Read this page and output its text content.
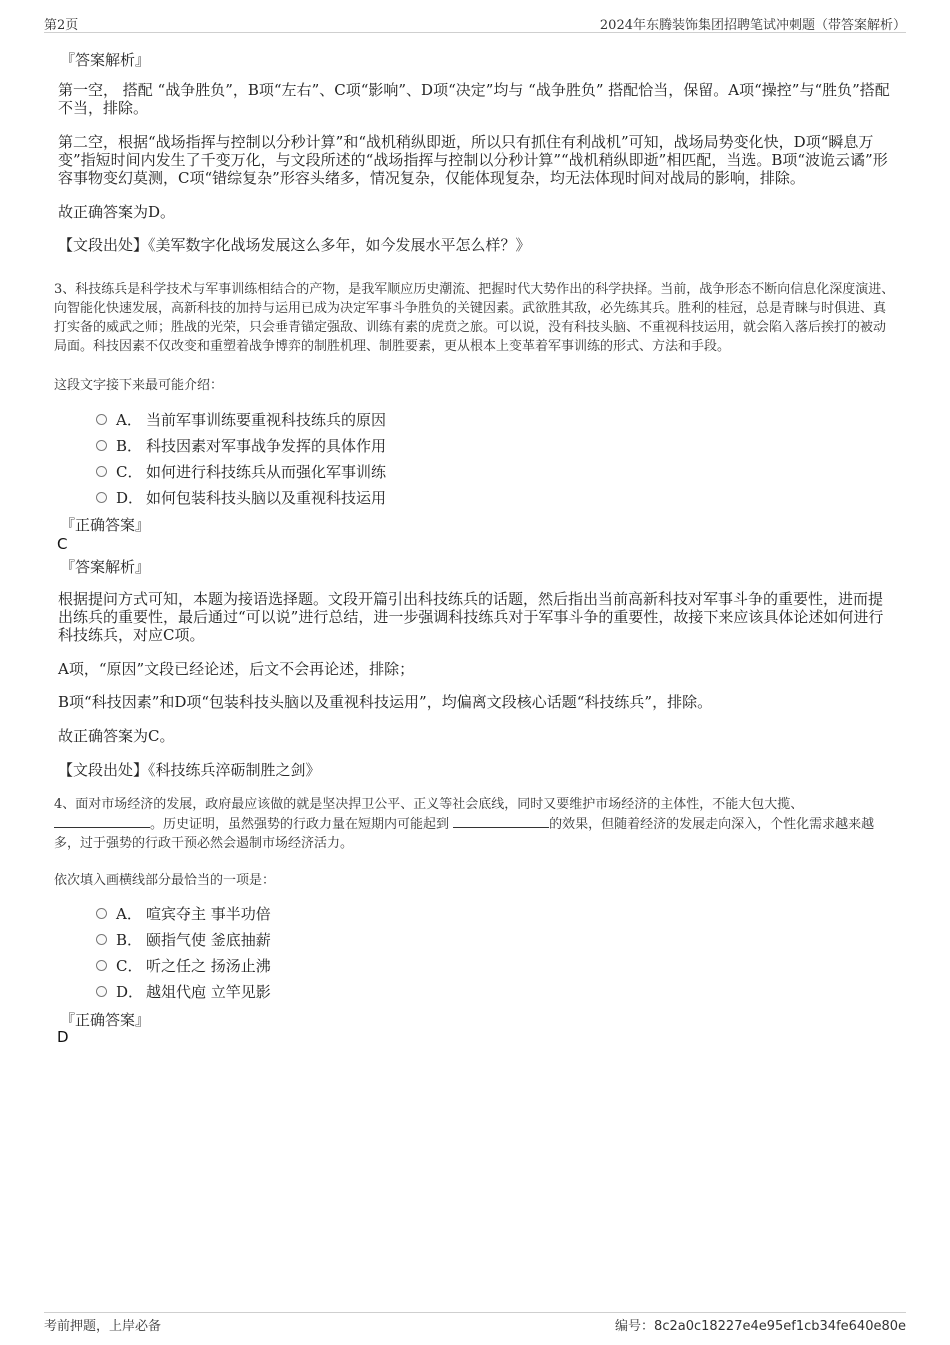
第2页	2024年东腾装饰集团招聘笔试冲刺题（带答案解析）
『答案解析』
第一空， 搭配 “战争胜负”，B项“左右”、C项“影响”、D项“决定”均与 “战争胜负” 搭配恰当，保留。A项“操控”与“胜负”搭配不当，排除。
第二空，根据“战场指挥与控制以分秒计算”和“战机稍纵即逝，所以只有抓住有利战机”可知，战场局势变化快，D项“瞬息万变”指短时间内发生了千变万化，与文段所述的“战场指挥与控制以分秒计算”“战机稍纵即逝”相匹配，当选。B项“波诡云谲”形容事物变幻莫测，C项“错综复杂”形容头绪多，情况复杂，仅能体现复杂，均无法体现时间对战局的影响，排除。
故正确答案为D。
【文段出处】《美军数字化战场发展这么多年，如今发展水平怎么样？》
3、科技练兵是科学技术与军事训练相结合的产物，是我军顺应历史潮流、把握时代大势作出的科学抉择。当前，战争形态不断向信息化深度演进、向智能化快速发展，高新科技的加持与运用已成为决定军事斗争胜负的关键因素。武欲胜其敌，必先练其兵。胜利的桂冠，总是青睐与时俱进、真打实备的威武之师；胜战的光荣，只会垂青锚定强敌、训练有素的虎贲之旅。可以说，没有科技头脑、不重视科技运用，就会陷入落后挨打的被动局面。科技因素不仅改变和重塑着战争博弈的制胜机理、制胜要素，更从根本上变革着军事训练的形式、方法和手段。
这段文字接下来最可能介绍：
A． 当前军事训练要重视科技练兵的原因
B． 科技因素对军事战争发挥的具体作用
C． 如何进行科技练兵从而强化军事训练
D． 如何包装科技头脑以及重视科技运用
『正确答案』
C
『答案解析』
根据提问方式可知，本题为接语选择题。文段开篇引出科技练兵的话题，然后指出当前高新科技对军事斗争的重要性，进而提出练兵的重要性，最后通过“可以说”进行总结，进一步强调科技练兵对于军事斗争的重要性，故接下来应该具体论述如何进行科技练兵，对应C项。
A项，“原因”文段已经论述，后文不会再论述，排除；
B项“科技因素”和D项“包装科技头脑以及重视科技运用”，均偏离文段核心话题“科技练兵”，排除。
故正确答案为C。
【文段出处】《科技练兵淬砺制胜之剑》
4、面对市场经济的发展，政府最应该做的就是坚决捍卫公平、正义等社会底线，同时又要维护市场经济的主体性，不能大包大揽、
。历史证明，虽然强势的行政力量在短期内可能起到	的效果，但随着经济的发展走向深入，个性化需求越来越多，过于强势的行政干预必然会遏制市场经济活力。
依次填入画横线部分最恰当的一项是：
A． 喧宾夺主 事半功倍
B． 颐指气使 釜底抽薪
C． 听之任之 扬汤止沸
D． 越俎代庖 立竿见影
『正确答案』
D
考前押题，上岸必备	编号：8c2a0c18227e4e95ef1cb34fe640e80e
